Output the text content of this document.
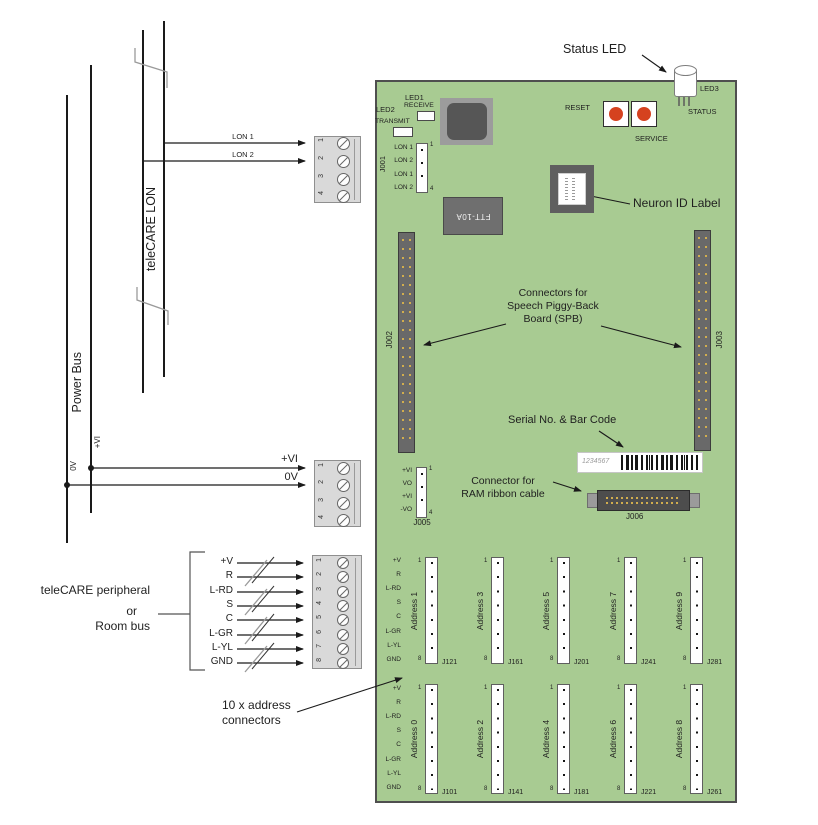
Power Bus
0V
+VI
teleCARE LON
LON 1
LON 2
+VI
0V
teleCARE peripheral
or
Room bus
+V
R
L-RD
S
C
L-GR
L-YL
GND
10 x address
connectors
1
2
3
4
1
2
3
4
1
2
3
4
5
6
7
8
Status LED
Neuron ID Label
Connectors for
Speech Piggy-Back
Board (SPB)
Serial No. & Bar Code
Connector for
RAM ribbon cable
LED1
RECEIVE
LED2
TRANSMIT
RESET
SERVICE
LED3
STATUS
J001
LON 1
LON 2
LON 1
LON 2
1
4
FTT-10A
J002	J003
1234567
+VI
VO
+VI
-VO
1
4
J005
J006
+V
R
L-RD
S
C
L-GR
L-YL
GND
+V
R
L-RD
S
C
L-GR
L-YL
GND
1
8
Address 1
J121
1
8
Address 3
J161
1
8
Address 5
J201
1
8
Address 7
J241
1
8
Address 9
J281
1
8
Address 0
J101
1
8
Address 2
J141
1
8
Address 4
J181
1
8
Address 6
J221
1
8
Address 8
J261
